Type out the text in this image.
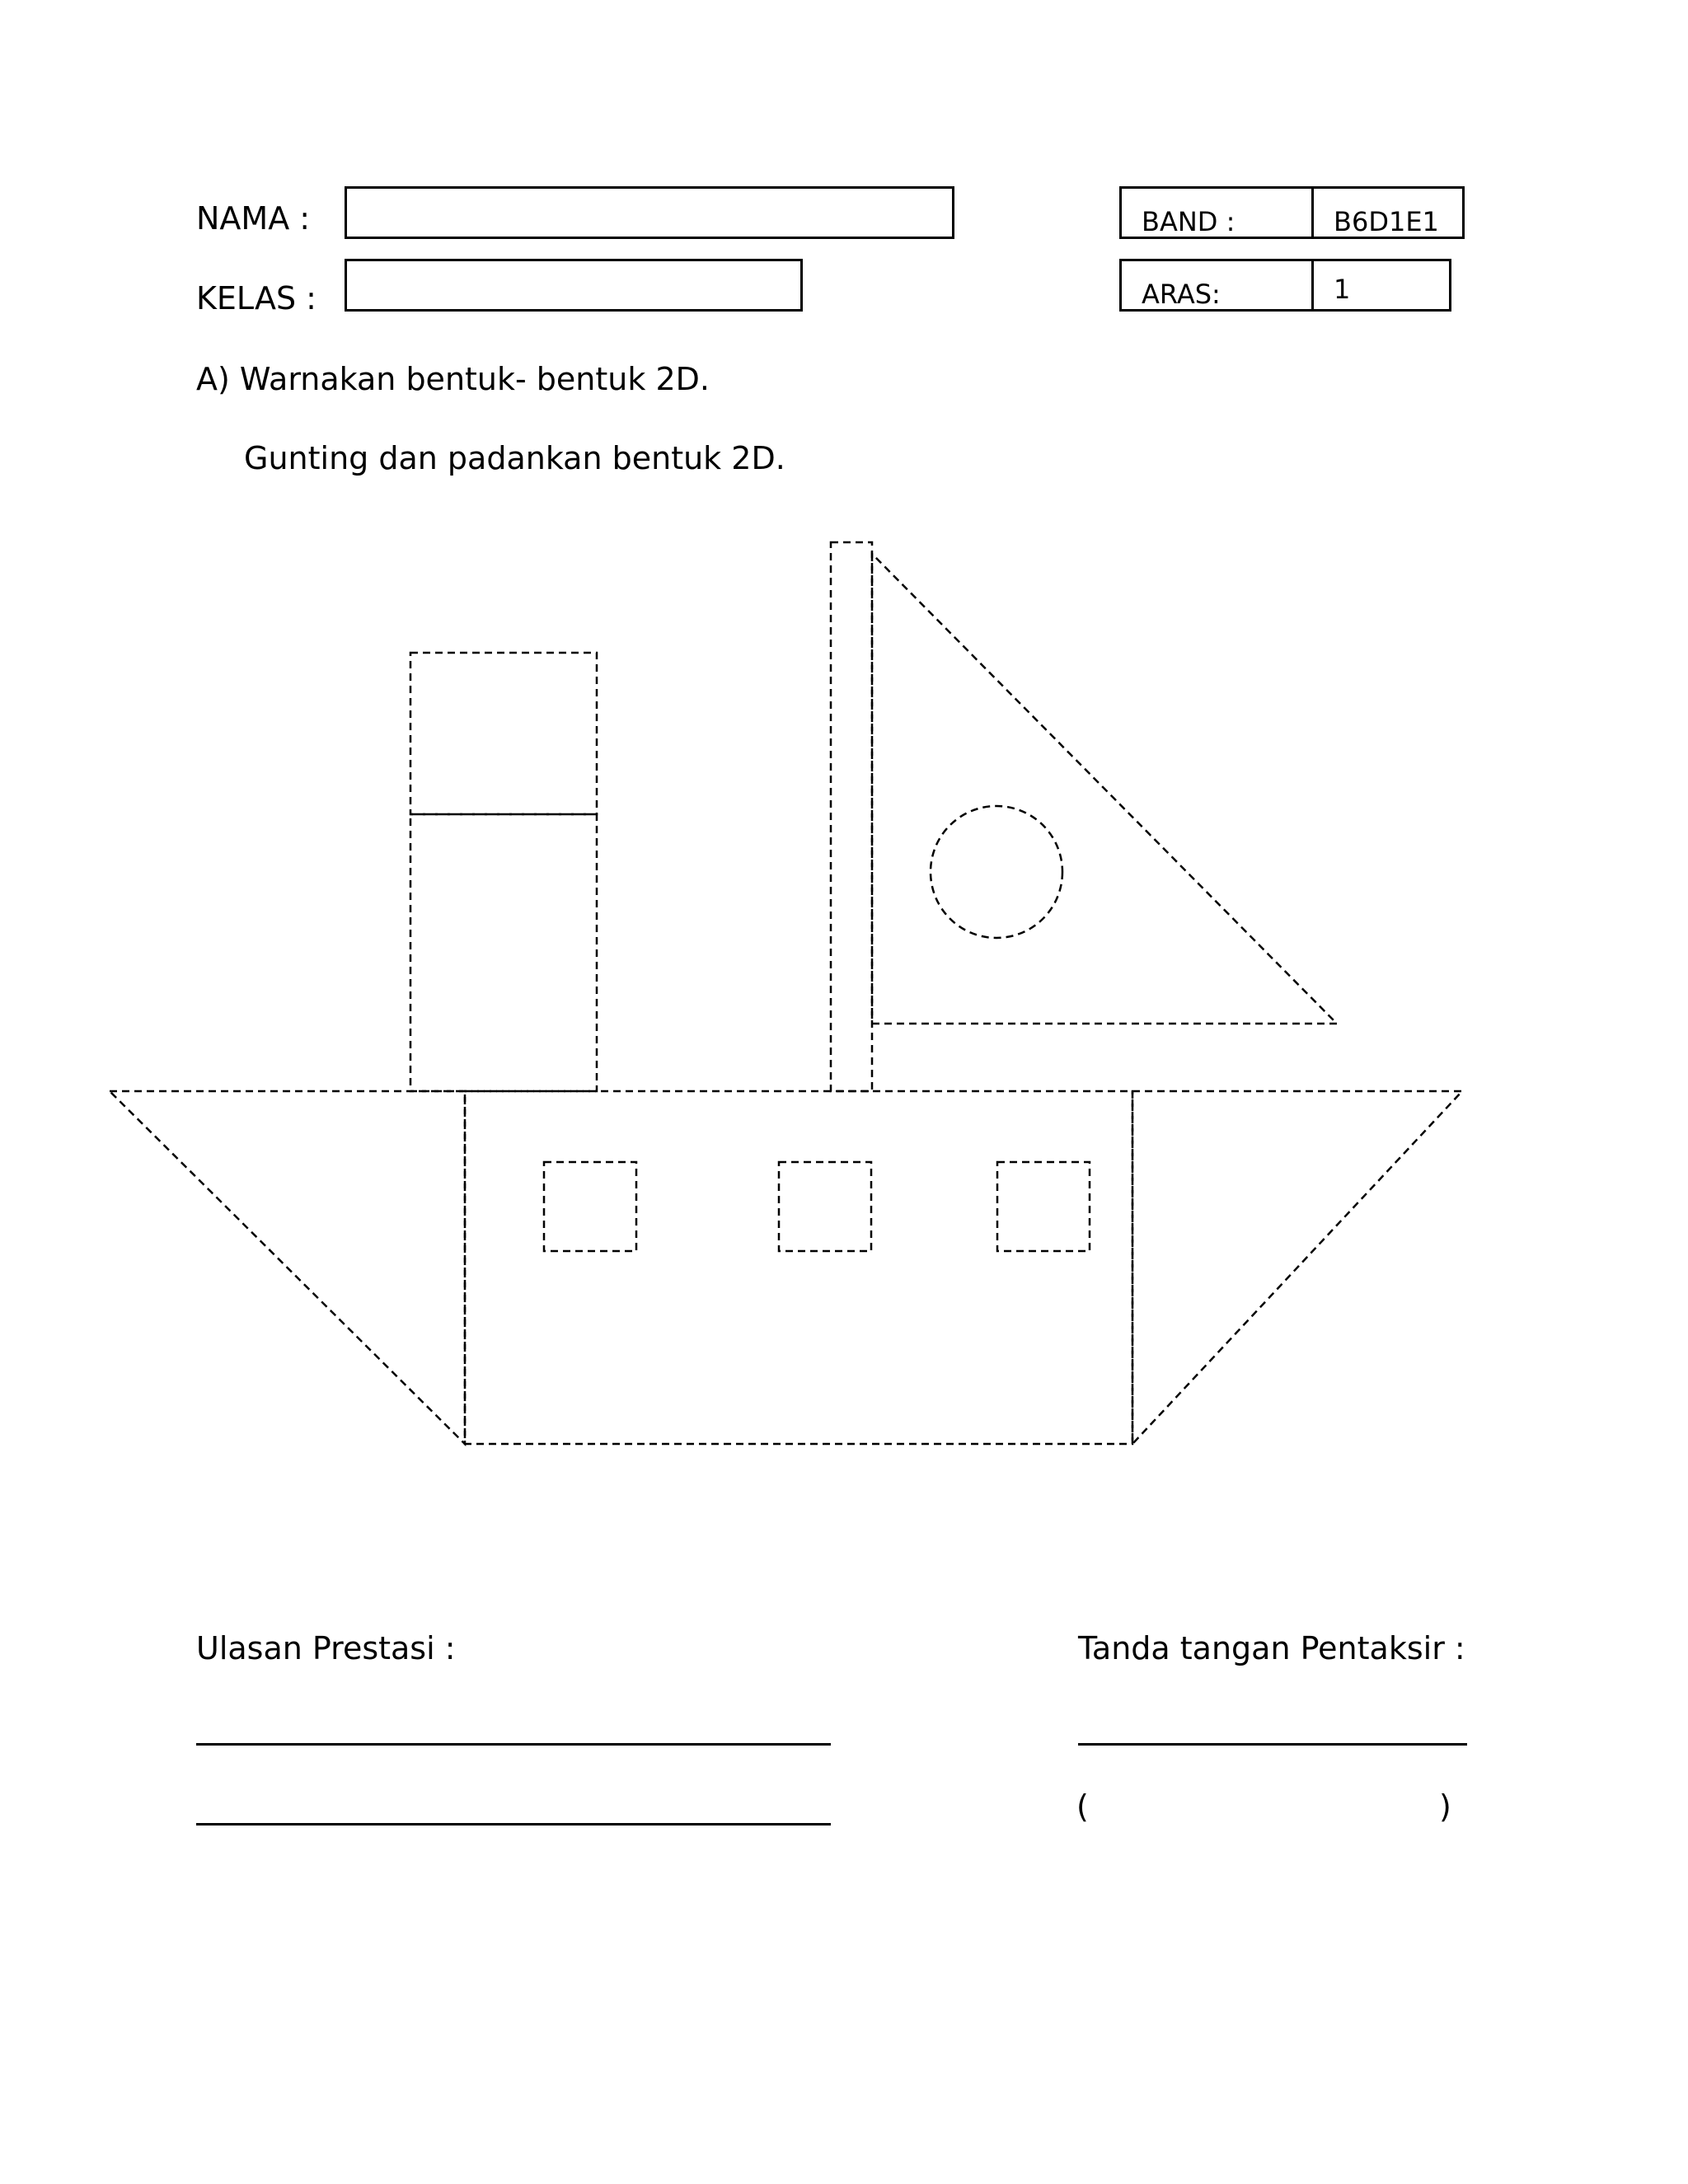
NAMA :
KELAS :
BAND :	B6D1E1
ARAS:	1
A) Warnakan bentuk- bentuk 2D.
Gunting dan padankan bentuk 2D.
Ulasan Prestasi :	Tanda tangan Pentaksir :
(	)
